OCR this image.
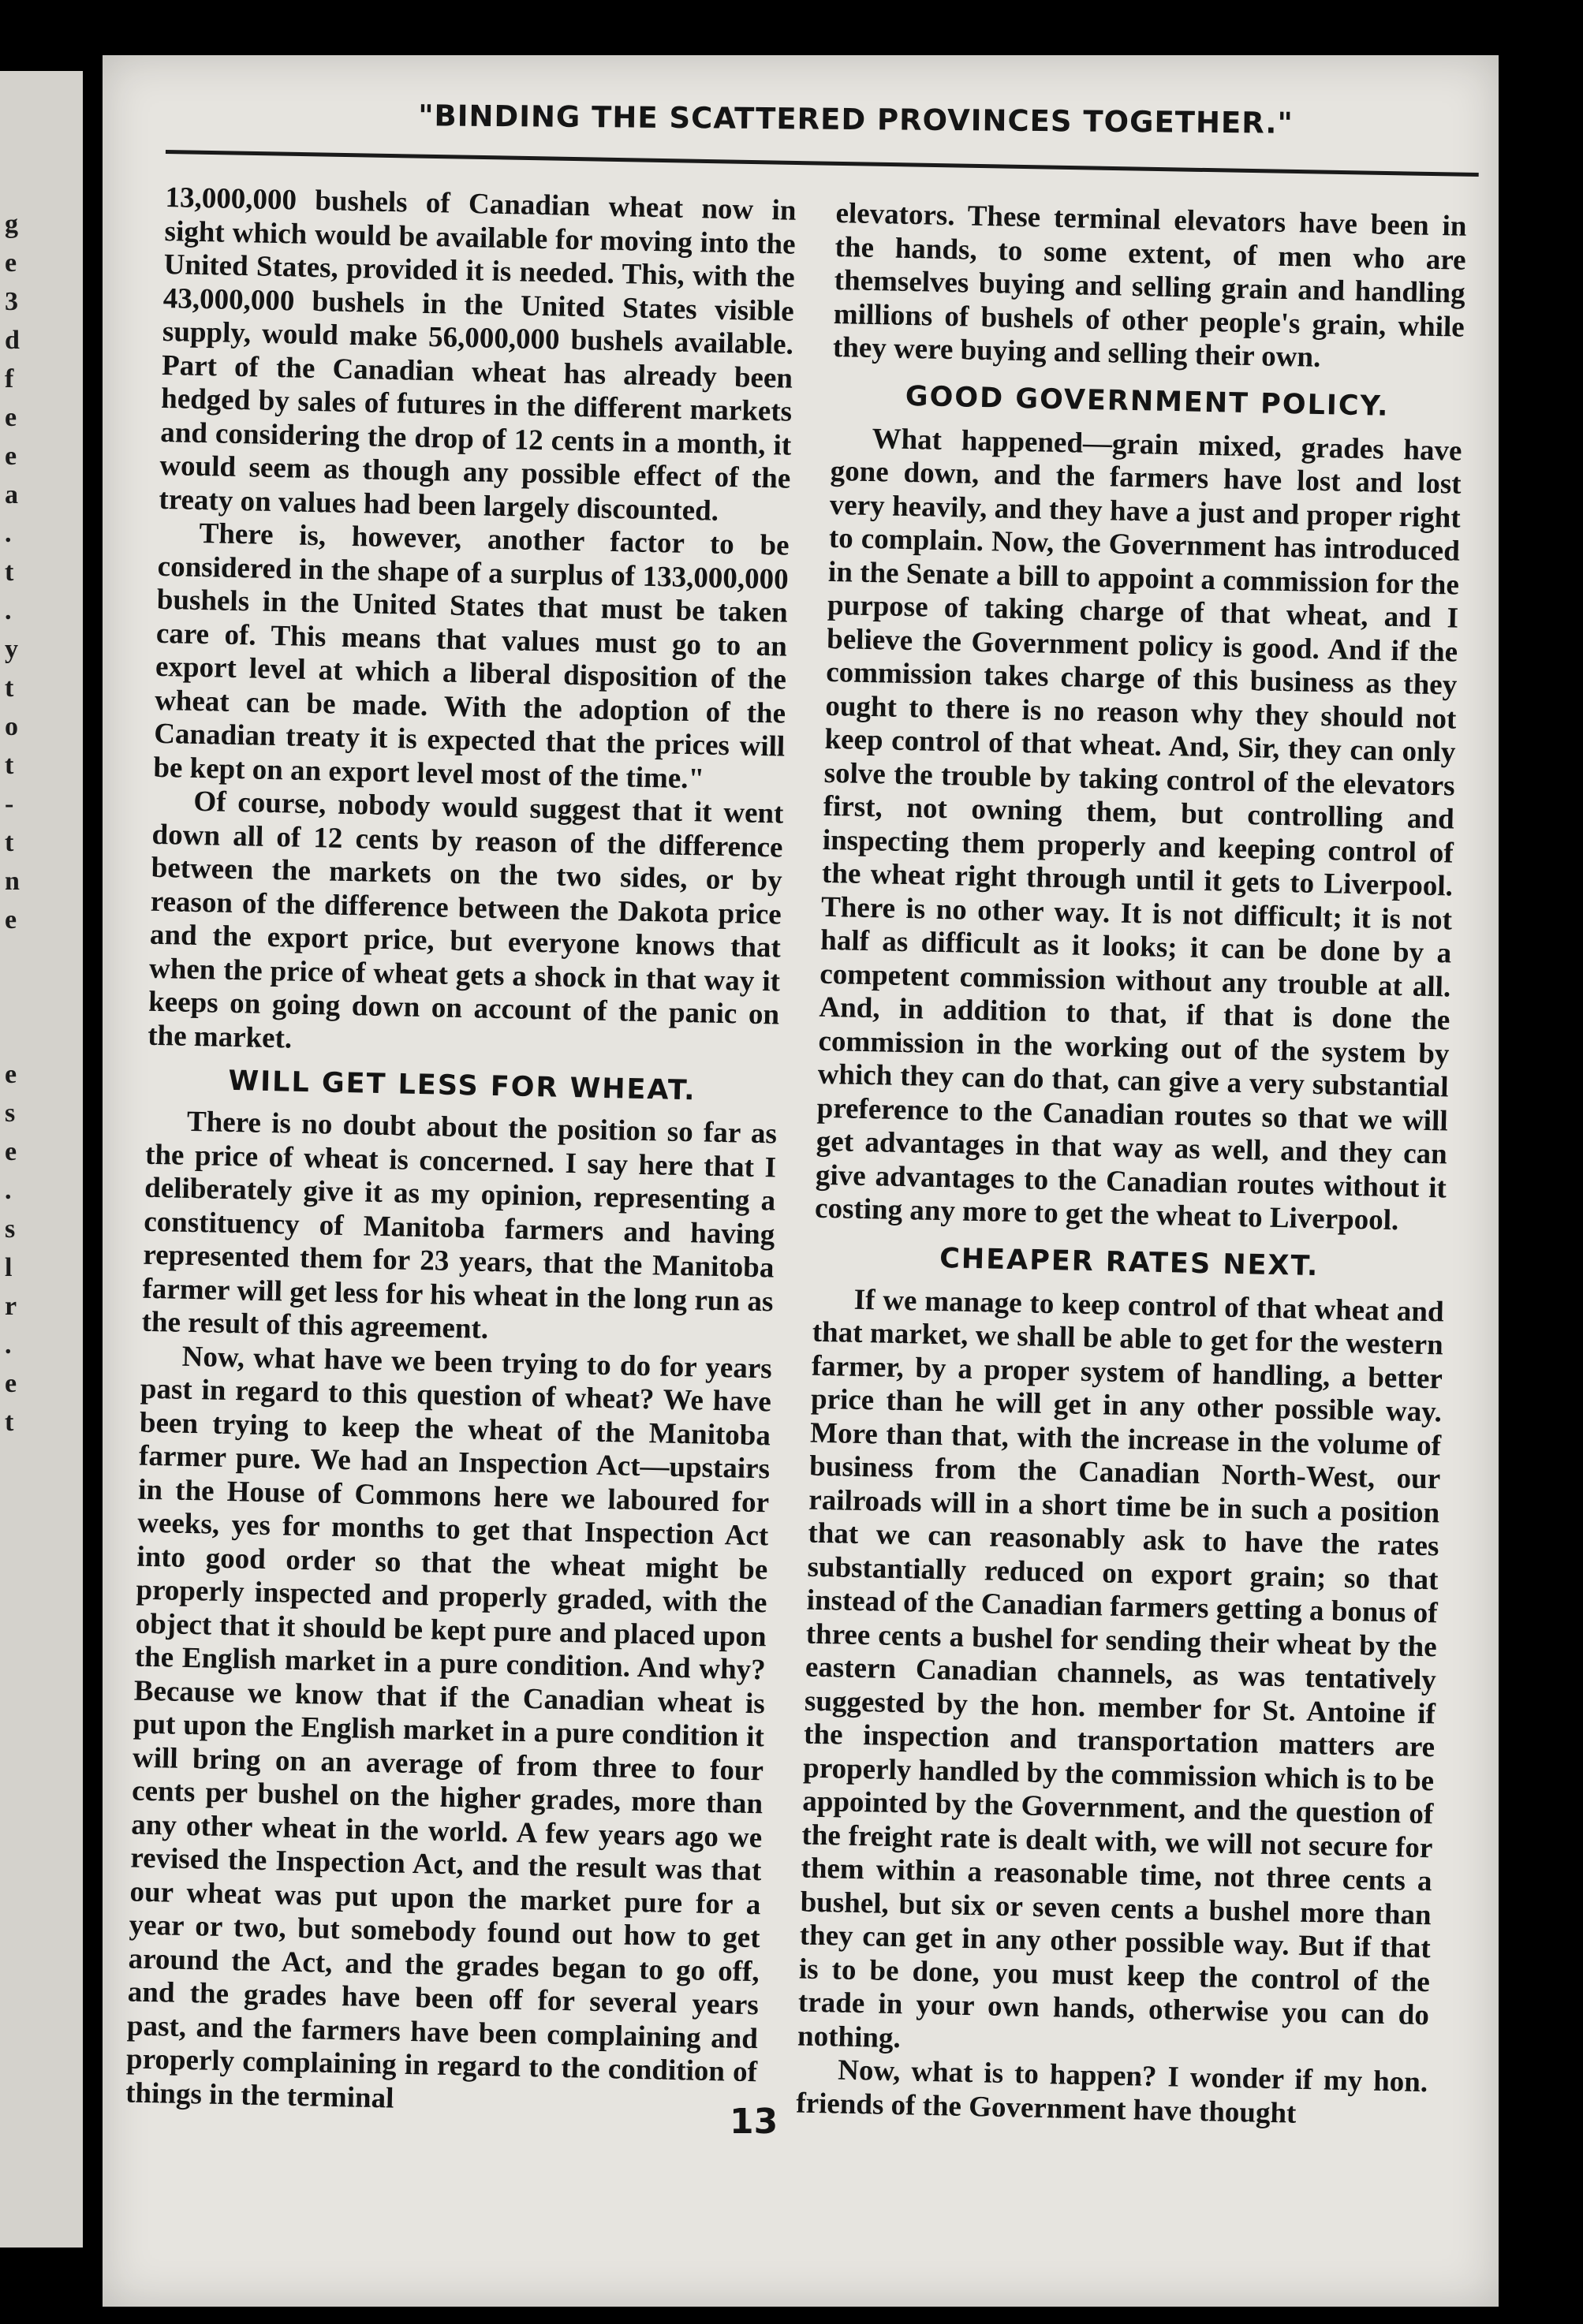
g
e
3
d
f
e
e
a
.
t
.
y
t
o
t
-
t
n
e
e
s
e
.
s
l
r
.
e
t
"BINDING THE SCATTERED PROVINCES TOGETHER."

13,000,000 bushels of Canadian wheat now in sight which would be available for moving into the United States, provided it is needed. This, with the 43,000,000 bushels in the United States visible supply, would make 56,000,000 bushels available. Part of the Canadian wheat has already been hedged by sales of futures in the different markets and considering the drop of 12 cents in a month, it would seem as though any possible effect of the treaty on values had been largely discounted.

There is, however, another factor to be considered in the shape of a surplus of 133,000,000 bushels in the United States that must be taken care of. This means that values must go to an export level at which a liberal disposition of the wheat can be made. With the adoption of the Canadian treaty it is expected that the prices will be kept on an export level most of the time."

Of course, nobody would suggest that it went down all of 12 cents by reason of the difference between the markets on the two sides, or by reason of the difference between the Dakota price and the export price, but everyone knows that when the price of wheat gets a shock in that way it keeps on going down on account of the panic on the market.

WILL GET LESS FOR WHEAT.

There is no doubt about the position so far as the price of wheat is concerned. I say here that I deliberately give it as my opinion, representing a constituency of Manitoba farmers and having represented them for 23 years, that the Manitoba farmer will get less for his wheat in the long run as the result of this agreement.

Now, what have we been trying to do for years past in regard to this question of wheat? We have been trying to keep the wheat of the Manitoba farmer pure. We had an Inspection Act—upstairs in the House of Commons here we laboured for weeks, yes for months to get that Inspection Act into good order so that the wheat might be properly inspected and properly graded, with the object that it should be kept pure and placed upon the English market in a pure condition. And why? Because we know that if the Canadian wheat is put upon the English market in a pure condition it will bring on an average of from three to four cents per bushel on the higher grades, more than any other wheat in the world. A few years ago we revised the Inspection Act, and the result was that our wheat was put upon the market pure for a year or two, but somebody found out how to get around the Act, and the grades began to go off, and the grades have been off for several years past, and the farmers have been complaining and properly complaining in regard to the condition of things in the terminal

elevators. These terminal elevators have been in the hands, to some extent, of men who are themselves buying and selling grain and handling millions of bushels of other people's grain, while they were buying and selling their own.

GOOD GOVERNMENT POLICY.

What happened—grain mixed, grades have gone down, and the farmers have lost and lost very heavily, and they have a just and proper right to complain. Now, the Government has introduced in the Senate a bill to appoint a commission for the purpose of taking charge of that wheat, and I believe the Government policy is good. And if the commission takes charge of this business as they ought to there is no reason why they should not keep control of that wheat. And, Sir, they can only solve the trouble by taking control of the elevators first, not owning them, but controlling and inspecting them properly and keeping control of the wheat right through until it gets to Liverpool. There is no other way. It is not difficult; it is not half as difficult as it looks; it can be done by a competent commission without any trouble at all. And, in addition to that, if that is done the commission in the working out of the system by which they can do that, can give a very substantial preference to the Canadian routes so that we will get advantages in that way as well, and they can give advantages to the Canadian routes without it costing any more to get the wheat to Liverpool.

CHEAPER RATES NEXT.

If we manage to keep control of that wheat and that market, we shall be able to get for the western farmer, by a proper system of handling, a better price than he will get in any other possible way. More than that, with the increase in the volume of business from the Canadian North-West, our railroads will in a short time be in such a position that we can reasonably ask to have the rates substantially reduced on export grain; so that instead of the Canadian farmers getting a bonus of three cents a bushel for sending their wheat by the eastern Canadian channels, as was tentatively suggested by the hon. member for St. Antoine if the inspection and transportation matters are properly handled by the commission which is to be appointed by the Government, and the question of the freight rate is dealt with, we will not secure for them within a reasonable time, not three cents a bushel, but six or seven cents a bushel more than they can get in any other possible way. But if that is to be done, you must keep the control of the trade in your own hands, otherwise you can do nothing.

Now, what is to happen? I wonder if my hon. friends of the Government have thought

13
